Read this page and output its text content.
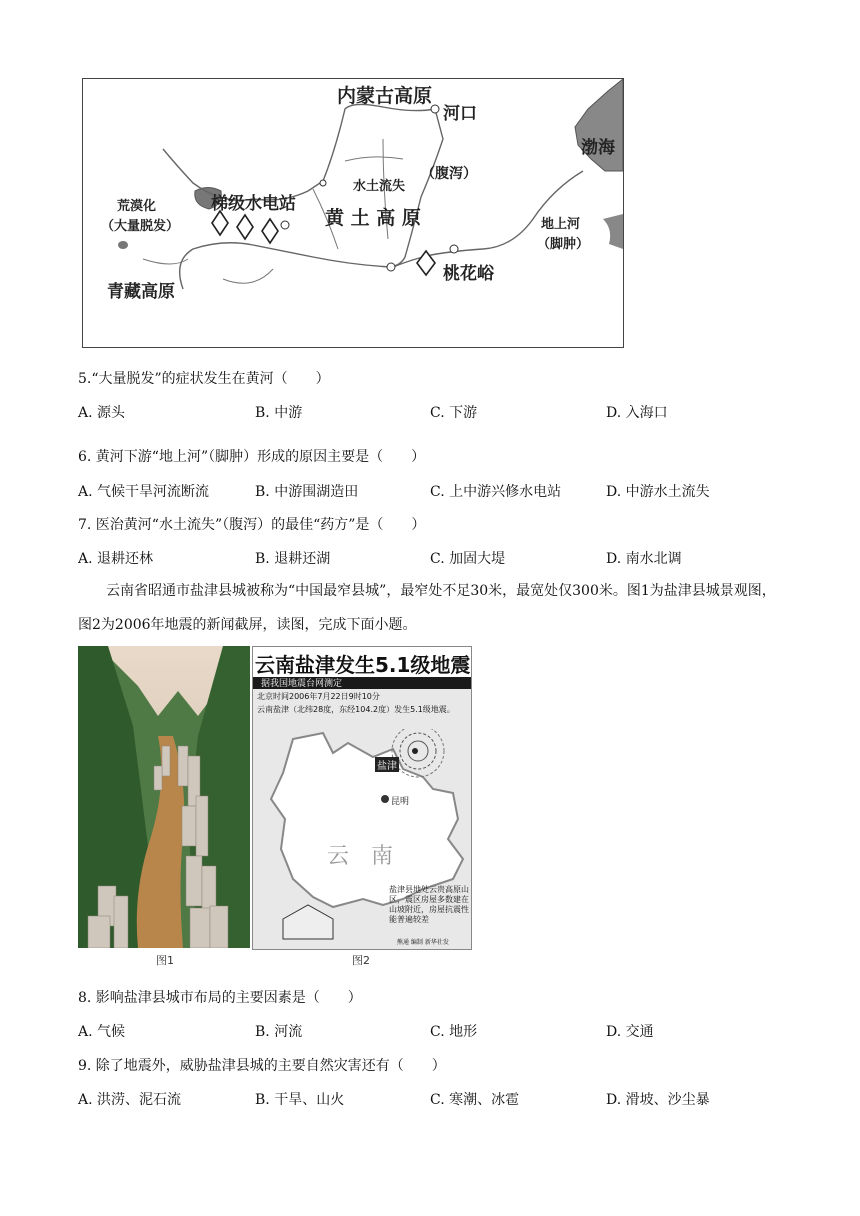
内蒙古高原
河口
渤海
（腹泻）
水土流失
梯级水电站
黄 土 高 原
荒漠化
（大量脱发）	地上河
（脚肿）
青藏高原
桃花峪
5.“大量脱发”的症状发生在黄河（　　）
A. 源头	B. 中游	C. 下游	D. 入海口
6. 黄河下游“地上河”（脚肿）形成的原因主要是（　　）
A. 气候干旱河流断流	B. 中游围湖造田	C. 上中游兴修水电站	D. 中游水土流失
7. 医治黄河“水土流失”（腹泻）的最佳“药方”是（　　）
A. 退耕还林	B. 退耕还湖	C. 加固大堤	D. 南水北调
云南省昭通市盐津县城被称为“中国最窄县城”，最窄处不足30米，最宽处仅300米。图1为盐津县城景观图，图2为2006年地震的新闻截屏，读图，完成下面小题。
云南盐津发生5.1级地震
据我国地震台网测定
北京时间2006年7月22日9时10分
云南盐津（北纬28度，东经104.2度）发生5.1级地震。
盐津
昆明
云　南
盐津县地处云贵高原山区，震区房屋多数建在山坡附近，房屋抗震性能普遍较差
熊通 编制 新华社发
图1	图2
8. 影响盐津县城市布局的主要因素是（　　）
A. 气候	B. 河流	C. 地形	D. 交通
9. 除了地震外，威胁盐津县城的主要自然灾害还有（　　）
A. 洪涝、泥石流	B. 干旱、山火	C. 寒潮、冰雹	D. 滑坡、沙尘暴
